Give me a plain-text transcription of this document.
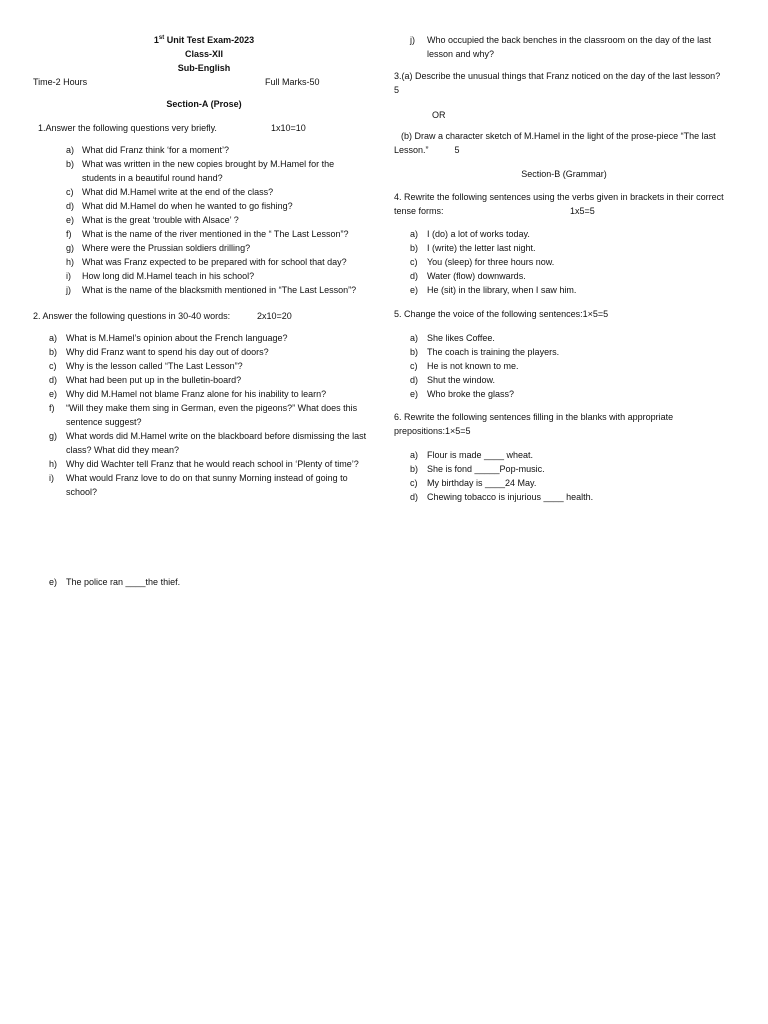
1st Unit Test Exam-2023
Class-XII
Sub-English
Time-2 Hours	Full Marks-50
Section-A (Prose)
1.Answer the following questions very briefly.	1x10=10
a) What did Franz think ‘for a moment’?
b) What was written in the new copies brought by M.Hamel for the students in a beautiful round hand?
c) What did M.Hamel write at the end of the class?
d) What did M.Hamel do when he wanted to go fishing?
e) What is the great ‘trouble with Alsace’ ?
f) What is the name of the river mentioned in the “ The Last Lesson”?
g) Where were the Prussian soldiers drilling?
h) What was Franz expected to be prepared with for school that day?
i) How long did M.Hamel teach in his school?
j) What is the name of the blacksmith mentioned in “The Last Lesson”?
2. Answer the following questions in 30-40 words:	2x10=20
a) What is M.Hamel’s opinion about the French language?
b) Why did Franz want to spend his day out of doors?
c) Why is the lesson called “The Last Lesson”?
d) What had been put up in the bulletin-board?
e) Why did M.Hamel not blame Franz alone for his inability to learn?
f) “Will they make them sing in German, even the pigeons?” What does this sentence suggest?
g) What words did M.Hamel write on the blackboard before dismissing the last class? What did they mean?
h) Why did Wachter tell Franz that he would reach school in ‘Plenty of time’?
i) What would Franz love to do on that sunny Morning instead of going to school?
e) The police ran ____the thief.
j)	Who occupied the back benches in the classroom on the day of the last lesson and why?
3.(a) Describe the unusual things that Franz noticed on the day of the last lesson?
5
OR
(b) Draw a character sketch of M.Hamel in the light of the prose-piece “The last Lesson.”	5
Section-B (Grammar)
4. Rewrite the following sentences using the verbs given in brackets in their correct tense forms:	1x5=5
a) I (do) a lot of works today.
b) I (write) the letter last night.
c) You (sleep) for three hours now.
d) Water (flow) downwards.
e) He (sit) in the library, when I saw him.
5. Change the voice of the following sentences:1×5=5
a) She likes Coffee.
b) The coach is training the players.
c) He is not known to me.
d) Shut the window.
e) Who broke the glass?
6. Rewrite the following sentences filling in the blanks with appropriate prepositions:1×5=5
a) Flour is made ____ wheat.
b) She is fond _____Pop-music.
c) My birthday is ____24 May.
d) Chewing tobacco is injurious ____ health.
